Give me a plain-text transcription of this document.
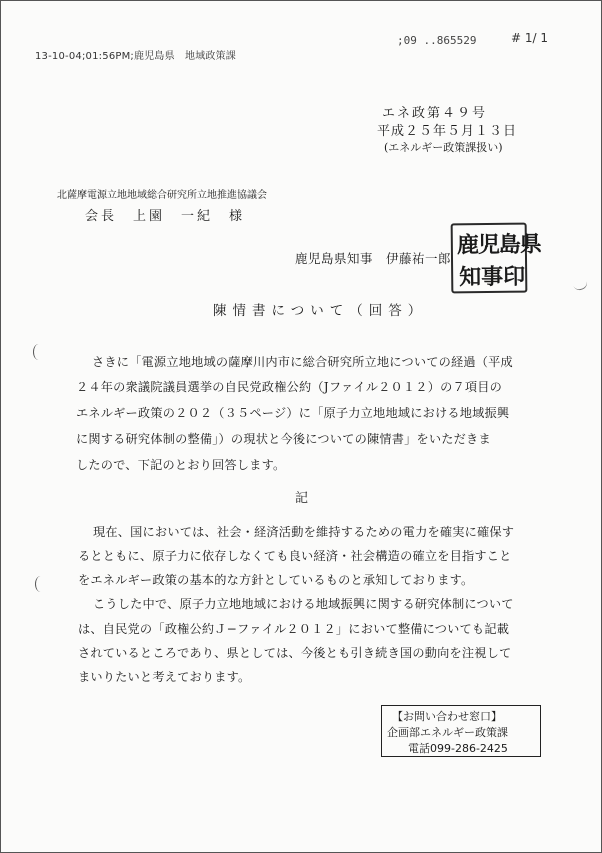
13-10-04;01:56PM;鹿児島県　地域政策課
;09 ..865529	# 1/ 1
エネ政第４９号
平成２５年５月１３日
(エネルギー政策課扱い)
北薩摩電源立地地域総合研究所立地推進協議会
会長　上園　一紀　様
鹿児島県知事　伊藤祐一郎
鹿児島県
知事印
陳情書について（回答）
さきに「電源立地地域の薩摩川内市に総合研究所立地についての経過（平成
２４年の衆議院議員選挙の自民党政権公約（Jファイル２０１２）の７項目の
エネルギー政策の２０２（３５ページ）に「原子力立地地域における地域振興
に関する研究体制の整備」）の現状と今後についての陳情書」をいただきま
したので、下記のとおり回答します。
記
現在、国においては、社会・経済活動を維持するための電力を確実に確保す
るとともに、原子力に依存しなくても良い経済・社会構造の確立を目指すこと
をエネルギー政策の基本的な方針としているものと承知しております。
こうした中で、原子力立地地域における地域振興に関する研究体制について
は、自民党の「政権公約Ｊ−ファイル２０１２」において整備についても記載
されているところであり、県としては、今後とも引き続き国の動向を注視して
まいりたいと考えております。
【お問い合わせ窓口】
企画部エネルギー政策課
電話099-286-2425
